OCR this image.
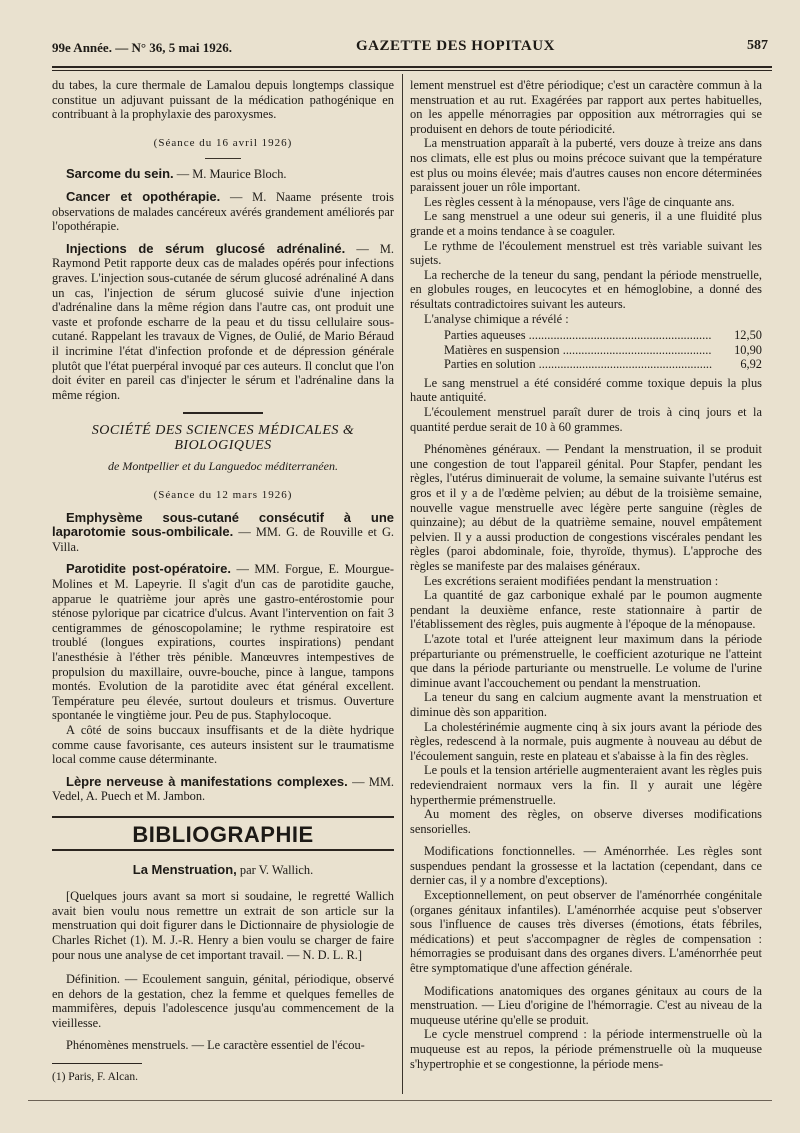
99e Année. — N° 36, 5 mai 1926.	GAZETTE DES HOPITAUX	587

du tabes, la cure thermale de Lamalou depuis longtemps classique constitue un adjuvant puissant de la médication pathogénique en contribuant à la prophylaxie des paroxysmes.

(Séance du 16 avril 1926)

Sarcome du sein. — M. Maurice Bloch.

Cancer et opothérapie. — M. Naame présente trois observations de malades cancéreux avérés grandement améliorés par l'opothérapie.

Injections de sérum glucosé adrénaliné. — M. Raymond Petit rapporte deux cas de malades opérés pour infections graves. L'injection sous-cutanée de sérum glucosé adrénaliné A dans un cas, l'injection de sérum glucosé suivie d'une injection d'adrénaline dans la même région dans l'autre cas, ont produit une vaste et profonde escharre de la peau et du tissu cellulaire sous-cutané. Rappelant les travaux de Vignes, de Oulié, de Mario Béraud il incrimine l'état d'infection profonde et de dépression générale plutôt que l'état puerpéral invoqué par ces auteurs. Il conclut que l'on doit éviter en pareil cas d'injecter le sérum et l'adrénaline dans la même région.

SOCIÉTÉ DES SCIENCES MÉDICALES & BIOLOGIQUES

de Montpellier et du Languedoc méditerranéen.

(Séance du 12 mars 1926)

Emphysème sous-cutané consécutif à une laparotomie sous-ombilicale. — MM. G. de Rouville et G. Villa.

Parotidite post-opératoire. — MM. Forgue, E. Mourgue-Molines et M. Lapeyrie. Il s'agit d'un cas de parotidite gauche, apparue le quatrième jour après une gastro-entérostomie pour sténose pylorique par cicatrice d'ulcus. Avant l'intervention on fait 3 centigrammes de génoscopolamine; le rythme respiratoire est troublé (longues expirations, courtes inspirations) pendant l'anesthésie à l'éther très pénible. Manœuvres intempestives de propulsion du maxillaire, ouvre-bouche, pince à langue, tampons montés. Evolution de la parotidite avec état général excellent. Température peu élevée, surtout douleurs et trismus. Ouverture spontanée le vingtième jour. Peu de pus. Staphylocoque.

A côté de soins buccaux insuffisants et de la diète hydrique comme cause favorisante, ces auteurs insistent sur le traumatisme local comme cause déterminante.

Lèpre nerveuse à manifestations complexes. — MM. Vedel, A. Puech et M. Jambon.

BIBLIOGRAPHIE

La Menstruation, par V. Wallich.

[Quelques jours avant sa mort si soudaine, le regretté Wallich avait bien voulu nous remettre un extrait de son article sur la menstruation qui doit figurer dans le Dictionnaire de physiologie de Charles Richet (1). M. J.-R. Henry a bien voulu se charger de faire pour nous une analyse de cet important travail. — N. D. L. R.]

Définition. — Ecoulement sanguin, génital, périodique, observé en dehors de la gestation, chez la femme et quelques femelles de mammifères, depuis l'adolescence jusqu'au commencement de la vieillesse.

Phénomènes menstruels. — Le caractère essentiel de l'écou-

(1) Paris, F. Alcan.

lement menstruel est d'être périodique; c'est un caractère commun à la menstruation et au rut. Exagérées par rapport aux pertes habituelles, on les appelle ménorragies par opposition aux métrorragies qui se produisent en dehors de toute périodicité.

La menstruation apparaît à la puberté, vers douze à treize ans dans nos climats, elle est plus ou moins précoce suivant que la température est plus ou moins élevée; mais d'autres causes non encore déterminées paraissent jouer un rôle important.

Les règles cessent à la ménopause, vers l'âge de cinquante ans.

Le sang menstruel a une odeur sui generis, il a une fluidité plus grande et a moins tendance à se coaguler.

Le rythme de l'écoulement menstruel est très variable suivant les sujets.

La recherche de la teneur du sang, pendant la période menstruelle, en globules rouges, en leucocytes et en hémoglobine, a donné des résultats contradictoires suivant les auteurs.

L'analyse chimique a révélé :

Parties aqueuses .....	12,50
Matières en suspension .....	10,90
Parties en solution .....	6,92

Le sang menstruel a été considéré comme toxique depuis la plus haute antiquité.

L'écoulement menstruel paraît durer de trois à cinq jours et la quantité perdue serait de 10 à 60 grammes.

Phénomènes généraux. — Pendant la menstruation, il se produit une congestion de tout l'appareil génital. Pour Stapfer, pendant les règles, l'utérus diminuerait de volume, la semaine suivante l'utérus est gros et il y a de l'œdème pelvien; au début de la troisième semaine, nouvelle vague menstruelle avec légère perte sanguine (règles de quinzaine); au début de la quatrième semaine, nouvel empâtement pelvien. Il y a aussi production de congestions viscérales pendant les règles (paroi abdominale, foie, thyroïde, thymus). L'approche des règles se manifeste par des malaises généraux.

Les excrétions seraient modifiées pendant la menstruation :

La quantité de gaz carbonique exhalé par le poumon augmente pendant la deuxième enfance, reste stationnaire à partir de l'établissement des règles, puis augmente à l'époque de la ménopause.

L'azote total et l'urée atteignent leur maximum dans la période préparturiante ou prémenstruelle, le coefficient azoturique ne l'atteint que dans la période parturiante ou menstruelle. Le volume de l'urine diminue avant l'accouchement ou pendant la menstruation.

La teneur du sang en calcium augmente avant la menstruation et diminue dès son apparition.

La cholestérinémie augmente cinq à six jours avant la période des règles, redescend à la normale, puis augmente à nouveau au début de l'écoulement sanguin, reste en plateau et s'abaisse à la fin des règles.

Le pouls et la tension artérielle augmenteraient avant les règles puis redeviendraient normaux vers la fin. Il y aurait une légère hyperthermie prémenstruelle.

Au moment des règles, on observe diverses modifications sensorielles.

Modifications fonctionnelles. — Aménorrhée. Les règles sont suspendues pendant la grossesse et la lactation (cependant, dans ce dernier cas, il y a nombre d'exceptions).

Exceptionnellement, on peut observer de l'aménorrhée congénitale (organes génitaux infantiles). L'aménorrhée acquise peut s'observer sous l'influence de causes très diverses (émotions, états fébriles, médications) et peut s'accompagner de règles de compensation : hémorragies se produisant dans des organes divers. L'aménorrhée peut être symptomatique d'une affection générale.

Modifications anatomiques des organes génitaux au cours de la menstruation. — Lieu d'origine de l'hémorragie. C'est au niveau de la muqueuse utérine qu'elle se produit.

Le cycle menstruel comprend : la période intermenstruelle où la muqueuse est au repos, la période prémenstruelle où la muqueuse s'hypertrophie et se congestionne, la période mens-
